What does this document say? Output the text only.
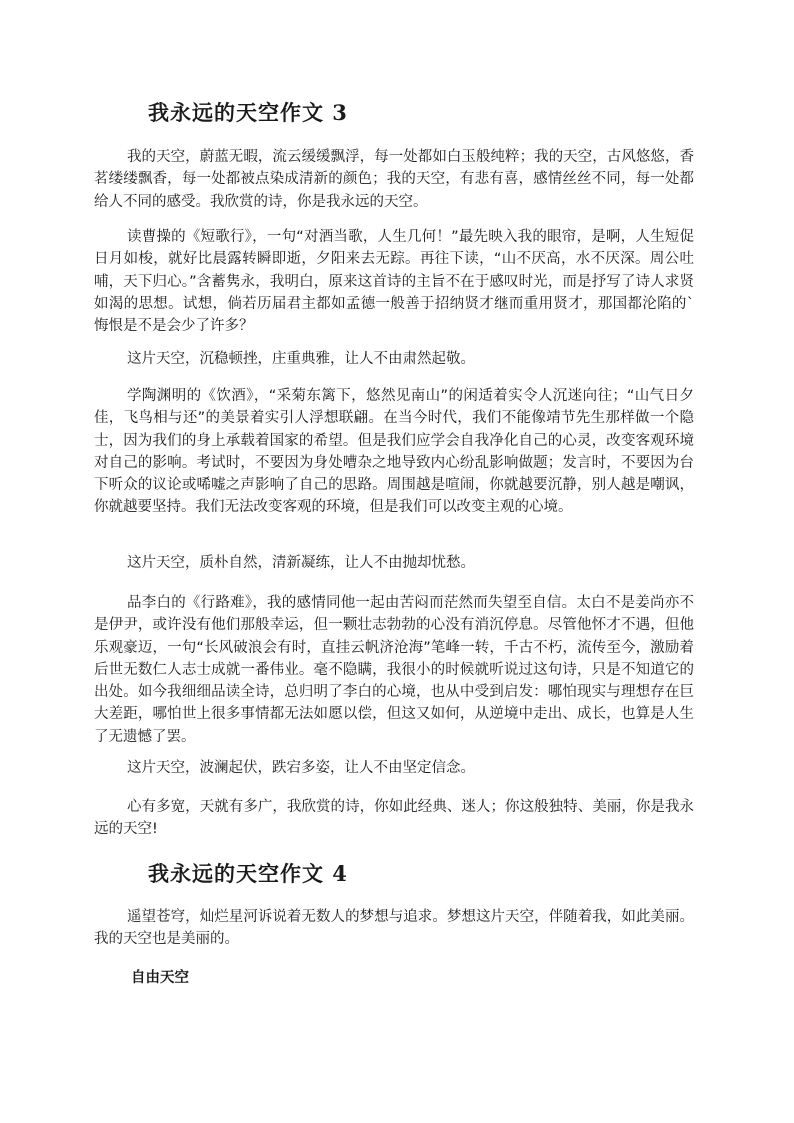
我永远的天空作文 3

我的天空，蔚蓝无暇，流云缓缓飘浮，每一处都如白玉般纯粹；我的天空，古风悠悠，香茗缕缕飘香，每一处都被点染成清新的颜色；我的天空，有悲有喜，感情丝丝不同，每一处都给人不同的感受。我欣赏的诗，你是我永远的天空。

读曹操的《短歌行》，一句“对酒当歌，人生几何！”最先映入我的眼帘，是啊，人生短促日月如梭，就好比晨露转瞬即逝，夕阳来去无踪。再往下读，“山不厌高，水不厌深。周公吐哺，天下归心。”含蓄隽永，我明白，原来这首诗的主旨不在于感叹时光，而是抒写了诗人求贤如渴的思想。试想，倘若历届君主都如孟德一般善于招纳贤才继而重用贤才，那国都沦陷的`悔恨是不是会少了许多？

这片天空，沉稳顿挫，庄重典雅，让人不由肃然起敬。

学陶渊明的《饮酒》，“采菊东篱下，悠然见南山”的闲适着实令人沉迷向往；“山气日夕佳，飞鸟相与还”的美景着实引人浮想联翩。在当今时代，我们不能像靖节先生那样做一个隐士，因为我们的身上承载着国家的希望。但是我们应学会自我净化自己的心灵，改变客观环境对自己的影响。考试时，不要因为身处嘈杂之地导致内心纷乱影响做题；发言时，不要因为台下听众的议论或唏嘘之声影响了自己的思路。周围越是喧闹，你就越要沉静，别人越是嘲讽，你就越要坚持。我们无法改变客观的环境，但是我们可以改变主观的心境。

这片天空，质朴自然，清新凝练，让人不由抛却忧愁。

品李白的《行路难》，我的感情同他一起由苦闷而茫然而失望至自信。太白不是姜尚亦不是伊尹，或许没有他们那般幸运，但一颗壮志勃勃的心没有消沉停息。尽管他怀才不遇，但他乐观豪迈，一句“长风破浪会有时，直挂云帆济沧海”笔峰一转，千古不朽，流传至今，激励着后世无数仁人志士成就一番伟业。毫不隐瞒，我很小的时候就听说过这句诗，只是不知道它的出处。如今我细细品读全诗，总归明了李白的心境，也从中受到启发：哪怕现实与理想存在巨大差距，哪怕世上很多事情都无法如愿以偿，但这又如何，从逆境中走出、成长，也算是人生了无遗憾了罢。

这片天空，波澜起伏，跌宕多姿，让人不由坚定信念。

心有多宽，天就有多广，我欣赏的诗，你如此经典、迷人；你这般独特、美丽，你是我永远的天空!

我永远的天空作文 4

遥望苍穹，灿烂星河诉说着无数人的梦想与追求。梦想这片天空，伴随着我，如此美丽。我的天空也是美丽的。

自由天空
